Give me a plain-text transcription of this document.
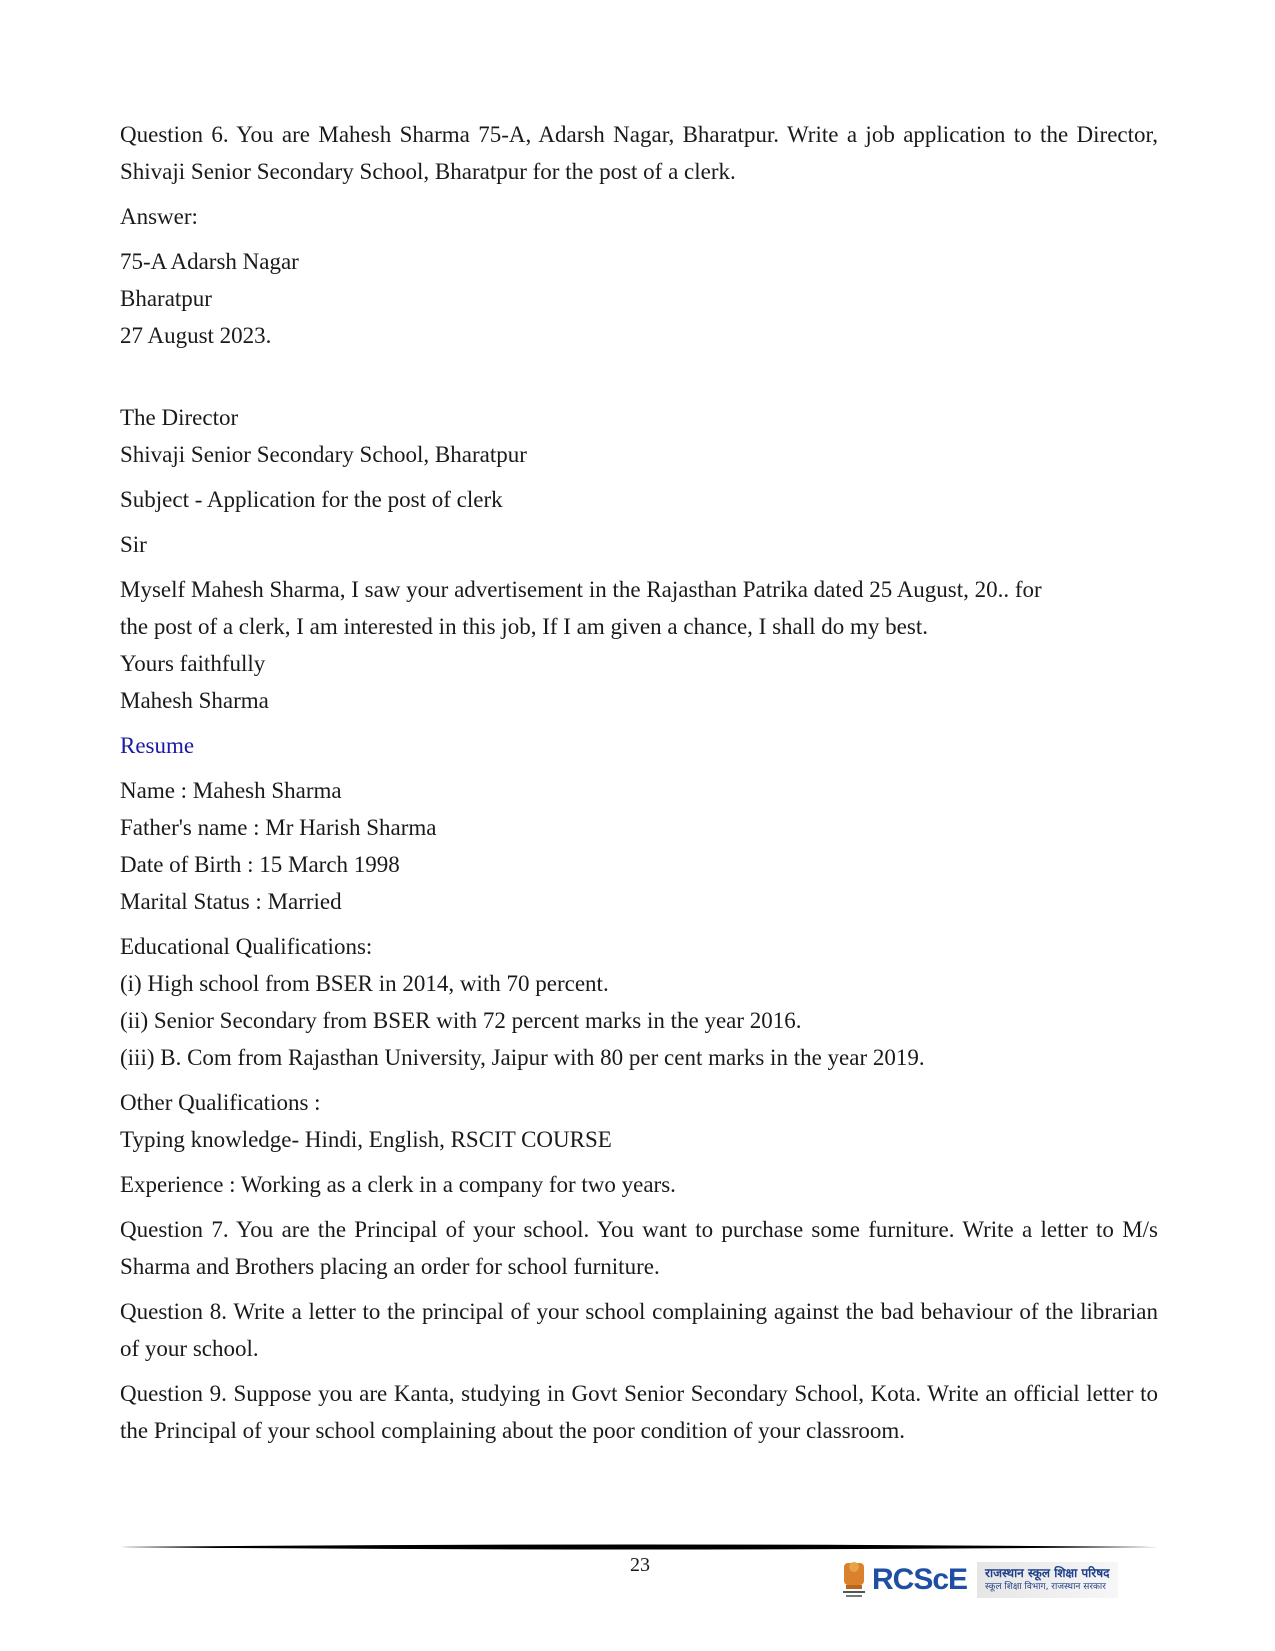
Question 6. You are Mahesh Sharma 75-A, Adarsh Nagar, Bharatpur. Write a job application to the Director, Shivaji Senior Secondary School, Bharatpur for the post of a clerk.

Answer:

75-A Adarsh Nagar

Bharatpur

27 August 2023.

The Director

Shivaji Senior Secondary School, Bharatpur

Subject - Application for the post of clerk

Sir

Myself Mahesh Sharma, I saw your advertisement in the Rajasthan Patrika dated 25 August, 20.. for

the post of a clerk, I am interested in this job, If I am given a chance, I shall do my best.

Yours faithfully

Mahesh Sharma

Resume

Name : Mahesh Sharma

Father's name : Mr Harish Sharma

Date of Birth : 15 March 1998

Marital Status : Married

Educational Qualifications:

(i) High school from BSER in 2014, with 70 percent.

(ii) Senior Secondary from BSER with 72 percent marks in the year 2016.

(iii) B. Com from Rajasthan University, Jaipur with 80 per cent marks in the year 2019.

Other Qualifications :

Typing knowledge- Hindi, English, RSCIT COURSE

Experience : Working as a clerk in a company for two years.

Question 7. You are the Principal of your school. You want to purchase some furniture. Write a letter to M/s Sharma and Brothers placing an order for school furniture.

Question 8. Write a letter to the principal of your school complaining against the bad behaviour of the librarian of your school.

Question 9. Suppose you are Kanta, studying in Govt Senior Secondary School, Kota. Write an official letter to the Principal of your school complaining about the poor condition of your classroom.

23	RCScE राजस्थान स्कूल शिक्षा परिषद
स्कूल शिक्षा विभाग, राजस्थान सरकार
